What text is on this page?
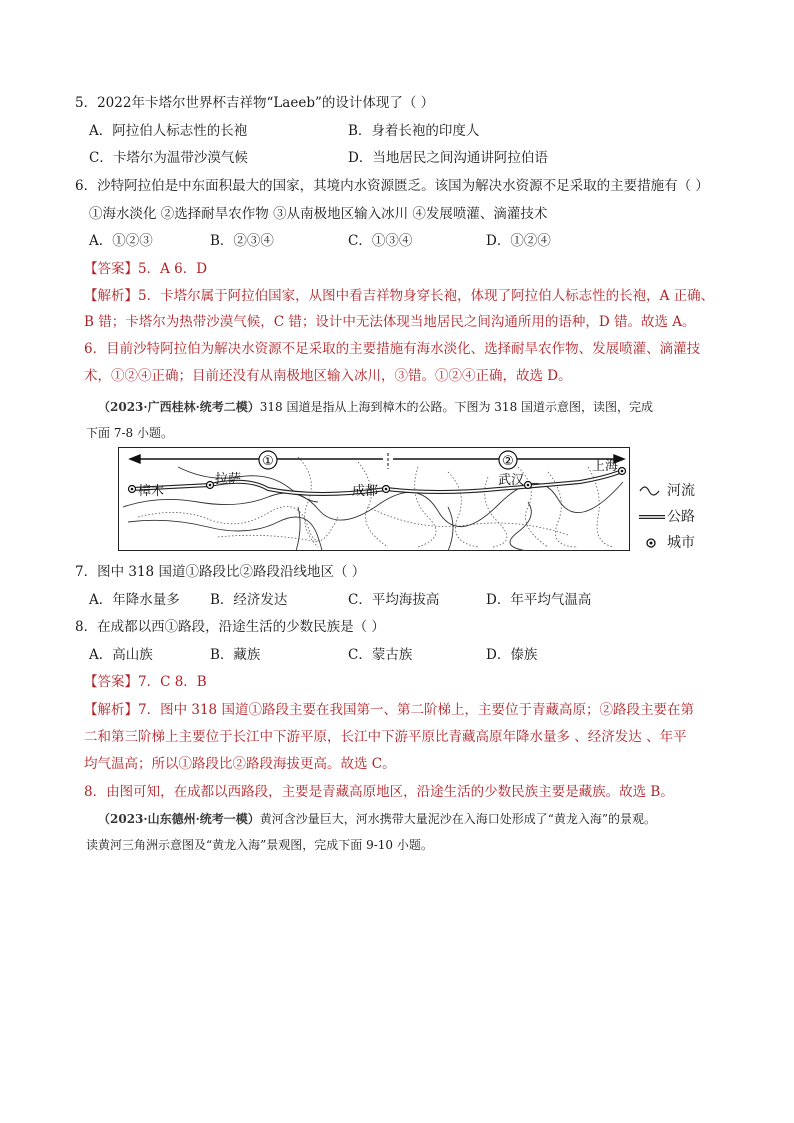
5．2022年卡塔尔世界杯吉祥物“Laeeb”的设计体现了（ ）
A．阿拉伯人标志性的长袍	B．身着长袍的印度人
C．卡塔尔为温带沙漠气候	D．当地居民之间沟通讲阿拉伯语
6．沙特阿拉伯是中东面积最大的国家，其境内水资源匮乏。该国为解决水资源不足采取的主要措施有（ ）
①海水淡化 ②选择耐旱农作物 ③从南极地区输入冰川 ④发展喷灌、滴灌技术
A．①②③	B．②③④	C．①③④	D．①②④
【答案】5．A 6．D
【解析】5．卡塔尔属于阿拉伯国家，从图中看吉祥物身穿长袍，体现了阿拉伯人标志性的长袍，A 正确、
B 错；卡塔尔为热带沙漠气候，C 错；设计中无法体现当地居民之间沟通所用的语种，D 错。故选 A。
6．目前沙特阿拉伯为解决水资源不足采取的主要措施有海水淡化、选择耐旱农作物、发展喷灌、滴灌技
术，①②④正确；目前还没有从南极地区输入冰川，③错。①②④正确，故选 D。
（2023·广西桂林·统考二模）318 国道是指从上海到樟木的公路。下图为 318 国道示意图，读图，完成
下面 7-8 小题。
①	②
樟木
拉萨
成都
武汉
上海
河流
公路
城市
7．图中 318 国道①路段比②路段沿线地区（ ）
A．年降水量多 B．经济发达	C．平均海拔高	D．年平均气温高
8．在成都以西①路段，沿途生活的少数民族是（ ）
A．高山族	B．藏族	C．蒙古族	D．傣族
【答案】7．C 8．B
【解析】7．图中 318 国道①路段主要在我国第一、第二阶梯上，主要位于青藏高原；②路段主要在第
二和第三阶梯上主要位于长江中下游平原，长江中下游平原比青藏高原年降水量多 、经济发达 、年平
均气温高；所以①路段比②路段海拔更高。故选 C。
8．由图可知，在成都以西路段，主要是青藏高原地区，沿途生活的少数民族主要是藏族。故选 B。
（2023·山东德州·统考一模）黄河含沙量巨大，河水携带大量泥沙在入海口处形成了“黄龙入海”的景观。
读黄河三角洲示意图及“黄龙入海”景观图，完成下面 9-10 小题。
